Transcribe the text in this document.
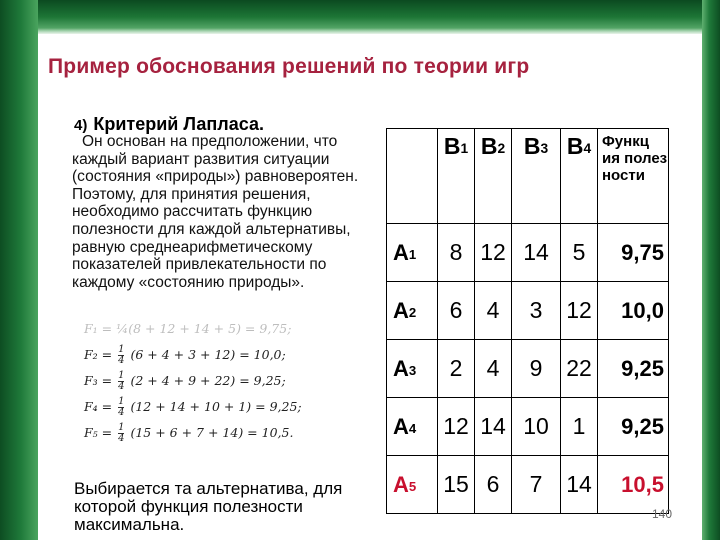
Пример обоснования решений по теории игр
4) Критерий Лапласа.
Он основан на предположении, что каждый вариант развития ситуации (состояния «природы») равновероятен. Поэтому, для принятия решения, необходимо рассчитать функцию полезности для каждой альтернативы, равную среднеарифметическому показателей привлекательности по каждому «состоянию природы».
F₁ = ¼(8 + 12 + 14 + 5) = 9,75;
$F_2 = \frac{1}{4} (6 + 4 + 3 + 12) = 10,0$;
$F_3 = \frac{1}{4} (2 + 4 + 9 + 22) = 9,25$;
$F_4 = \frac{1}{4} (12 + 14 + 10 + 1) = 9,25$;
$F_5 = \frac{1}{4} (15 + 6 + 7 + 14) = 10,5$.
Выбирается та альтернатива, для которой функция полезности максимальна.
	B1	B2	B3	B4	Функц ия полез ности
A1	8	12	14	5	9,75
A2	6	4	3	12	10,0
A3	2	4	9	22	9,25
A4	12	14	10	1	9,25
A5	15	6	7	14	10,5
140
